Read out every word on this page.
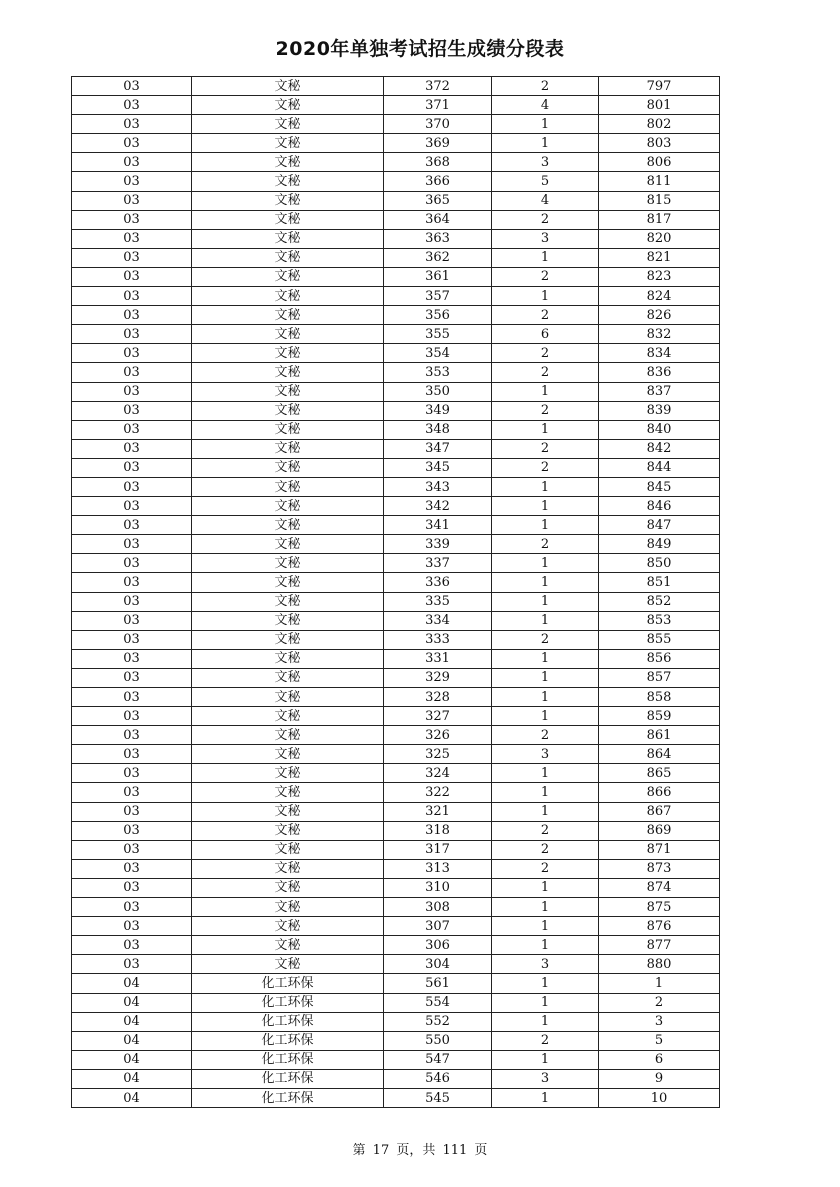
2020年单独考试招生成绩分段表
03	文秘	372	2	797
03	文秘	371	4	801
03	文秘	370	1	802
03	文秘	369	1	803
03	文秘	368	3	806
03	文秘	366	5	811
03	文秘	365	4	815
03	文秘	364	2	817
03	文秘	363	3	820
03	文秘	362	1	821
03	文秘	361	2	823
03	文秘	357	1	824
03	文秘	356	2	826
03	文秘	355	6	832
03	文秘	354	2	834
03	文秘	353	2	836
03	文秘	350	1	837
03	文秘	349	2	839
03	文秘	348	1	840
03	文秘	347	2	842
03	文秘	345	2	844
03	文秘	343	1	845
03	文秘	342	1	846
03	文秘	341	1	847
03	文秘	339	2	849
03	文秘	337	1	850
03	文秘	336	1	851
03	文秘	335	1	852
03	文秘	334	1	853
03	文秘	333	2	855
03	文秘	331	1	856
03	文秘	329	1	857
03	文秘	328	1	858
03	文秘	327	1	859
03	文秘	326	2	861
03	文秘	325	3	864
03	文秘	324	1	865
03	文秘	322	1	866
03	文秘	321	1	867
03	文秘	318	2	869
03	文秘	317	2	871
03	文秘	313	2	873
03	文秘	310	1	874
03	文秘	308	1	875
03	文秘	307	1	876
03	文秘	306	1	877
03	文秘	304	3	880
04	化工环保	561	1	1
04	化工环保	554	1	2
04	化工环保	552	1	3
04	化工环保	550	2	5
04	化工环保	547	1	6
04	化工环保	546	3	9
04	化工环保	545	1	10
第 17 页，共 111 页
